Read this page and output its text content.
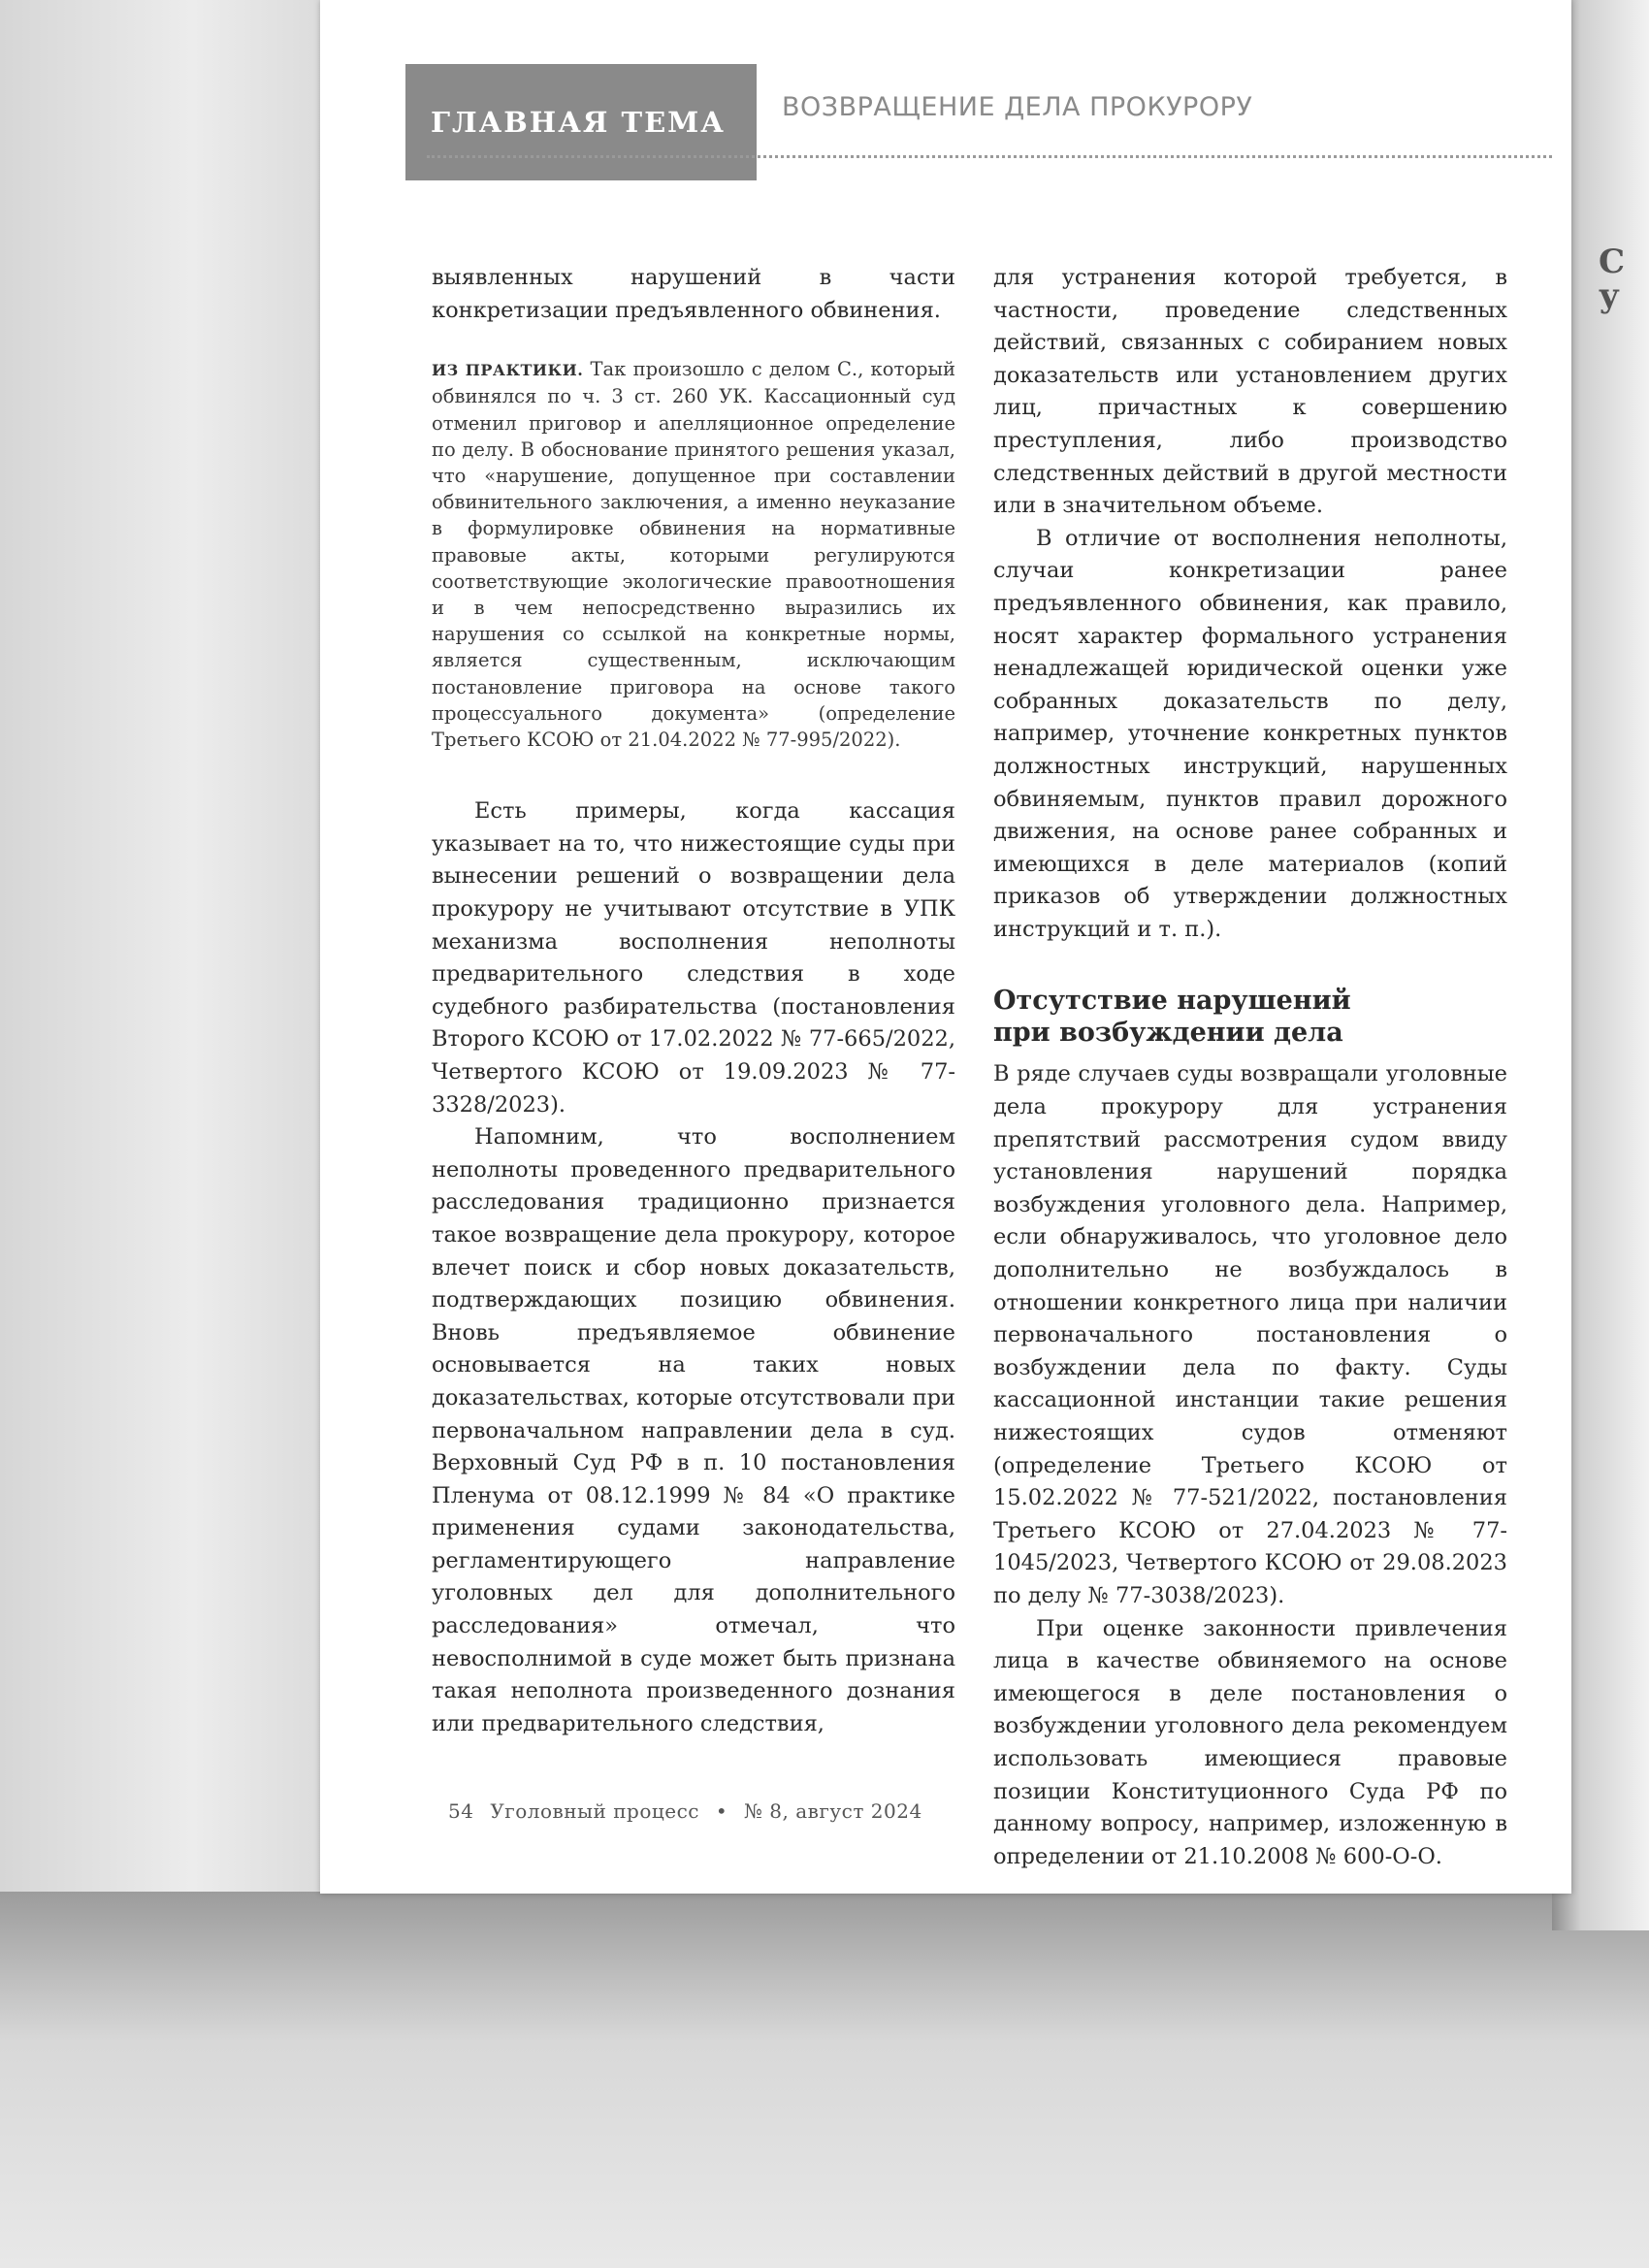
С
у
ГЛАВНАЯ ТЕМА ВОЗВРАЩЕНИЕ ДЕЛА ПРОКУРОРУ

выявленных нарушений в части конкретизации предъявленного обвинения.

ИЗ ПРАКТИКИ. Так произошло с делом С., который обвинялся по ч. 3 ст. 260 УК. Кассационный суд отменил приговор и апелляционное определение по делу. В обоснование принятого решения указал, что «нарушение, допущенное при составлении обвинительного заключения, а именно неуказание в формулировке обвинения на нормативные правовые акты, которыми регулируются соответствующие экологические правоотношения и в чем непосредственно выразились их нарушения со ссылкой на конкретные нормы, является существенным, исключающим постановление приговора на основе такого процессуального документа» (определение Третьего КСОЮ от 21.04.2022 № 77-995/2022).

Есть примеры, когда кассация указывает на то, что нижестоящие суды при вынесении решений о возвращении дела прокурору не учитывают отсутствие в УПК механизма восполнения неполноты предварительного следствия в ходе судебного разбирательства (постановления Второго КСОЮ от 17.02.2022 № 77-665/2022, Четвертого КСОЮ от 19.09.2023 № 77-3328/2023).

Напомним, что восполнением неполноты проведенного предварительного расследования традиционно признается такое возвращение дела прокурору, которое влечет поиск и сбор новых доказательств, подтверждающих позицию обвинения. Вновь предъявляемое обвинение основывается на таких новых доказательствах, которые отсутствовали при первоначальном направлении дела в суд. Верховный Суд РФ в п. 10 постановления Пленума от 08.12.1999 № 84 «О практике применения судами законодательства, регламентирующего направление уголовных дел для дополнительного расследования» отмечал, что невосполнимой в суде может быть признана такая неполнота произведенного дознания или предварительного следствия,

для устранения которой требуется, в частности, проведение следственных действий, связанных с собиранием новых доказательств или установлением других лиц, причастных к совершению преступления, либо производство следственных действий в другой местности или в значительном объеме.

В отличие от восполнения неполноты, случаи конкретизации ранее предъявленного обвинения, как правило, носят характер формального устранения ненадлежащей юридической оценки уже собранных доказательств по делу, например, уточнение конкретных пунктов должностных инструкций, нарушенных обвиняемым, пунктов правил дорожного движения, на основе ранее собранных и имеющихся в деле материалов (копий приказов об утверждении должностных инструкций и т. п.).

Отсутствие нарушений
при возбуждении дела

В ряде случаев суды возвращали уголовные дела прокурору для устранения препятствий рассмотрения судом ввиду установления нарушений порядка возбуждения уголовного дела. Например, если обнаруживалось, что уголовное дело дополнительно не возбуждалось в отношении конкретного лица при наличии первоначального постановления о возбуждении дела по факту. Суды кассационной инстанции такие решения нижестоящих судов отменяют (определение Третьего КСОЮ от 15.02.2022 № 77-521/2022, постановления Третьего КСОЮ от 27.04.2023 № 77-1045/2023, Четвертого КСОЮ от 29.08.2023 по делу № 77-3038/2023).

При оценке законности привлечения лица в качестве обвиняемого на основе имеющегося в деле постановления о возбуждении уголовного дела рекомендуем использовать имеющиеся правовые позиции Конституционного Суда РФ по данному вопросу, например, изложенную в определении от 21.10.2008 № 600-О-О.

54 Уголовный процесс • № 8, август 2024
